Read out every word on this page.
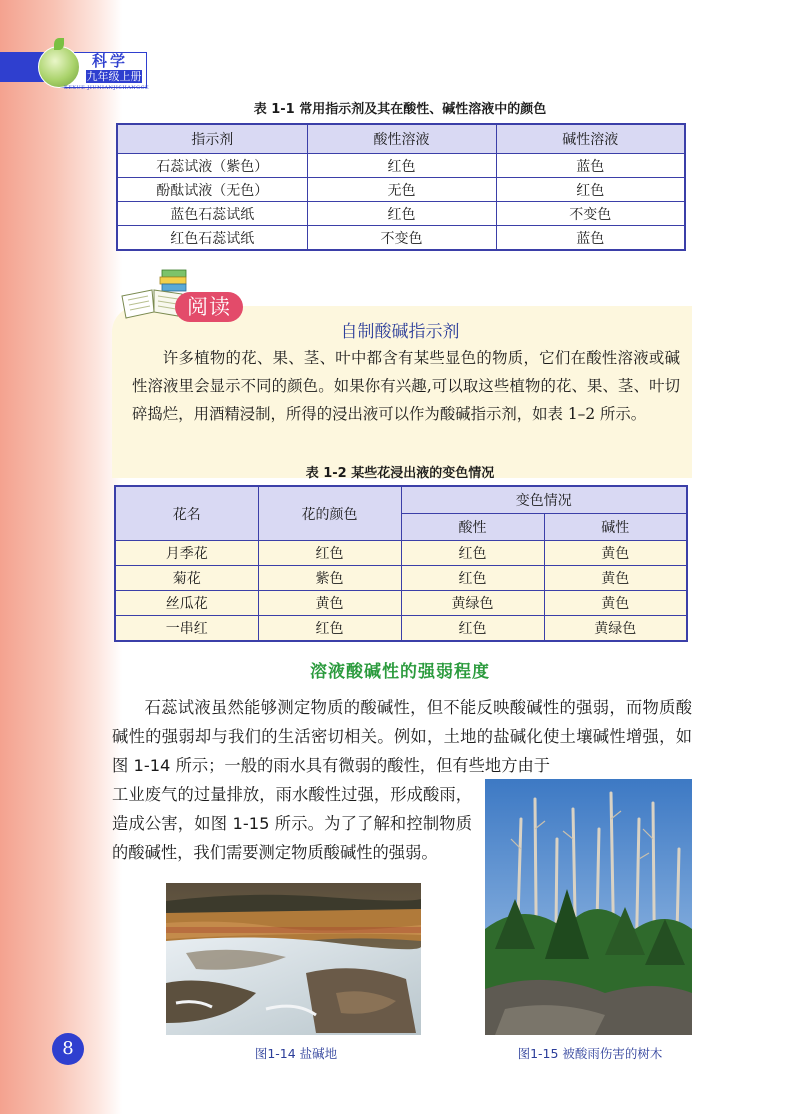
科学
九年级上册
KEXUE JIUNIANJISHANGCE
表 1-1 常用指示剂及其在酸性、碱性溶液中的颜色
指示剂	酸性溶液	碱性溶液
石蕊试液（紫色）	红色	蓝色
酚酞试液（无色）	无色	红色
蓝色石蕊试纸	红色	不变色
红色石蕊试纸	不变色	蓝色
阅读
自制酸碱指示剂

许多植物的花、果、茎、叶中都含有某些显色的物质，它们在酸性溶液或碱性溶液里会显示不同的颜色。如果你有兴趣,可以取这些植物的花、果、茎、叶切碎捣烂，用酒精浸制，所得的浸出液可以作为酸碱指示剂，如表 1–2 所示。

表 1-2 某些花浸出液的变色情况
花名	花的颜色	变色情况	
		酸性	碱性
月季花	红色	红色	黄色
菊花	紫色	红色	黄色
丝瓜花	黄色	黄绿色	黄色
一串红	红色	红色	黄绿色
溶液酸碱性的强弱程度

石蕊试液虽然能够测定物质的酸碱性，但不能反映酸碱性的强弱，而物质酸碱性的强弱却与我们的生活密切相关。例如，土地的盐碱化使土壤碱性增强，如图 1-14 所示；一般的雨水具有微弱的酸性，但有些地方由于

工业废气的过量排放，雨水酸性过强，形成酸雨，造成公害，如图 1-15 所示。为了了解和控制物质的酸碱性，我们需要测定物质酸碱性的强弱。

图1-14 盐碱地	图1-15 被酸雨伤害的树木
8
